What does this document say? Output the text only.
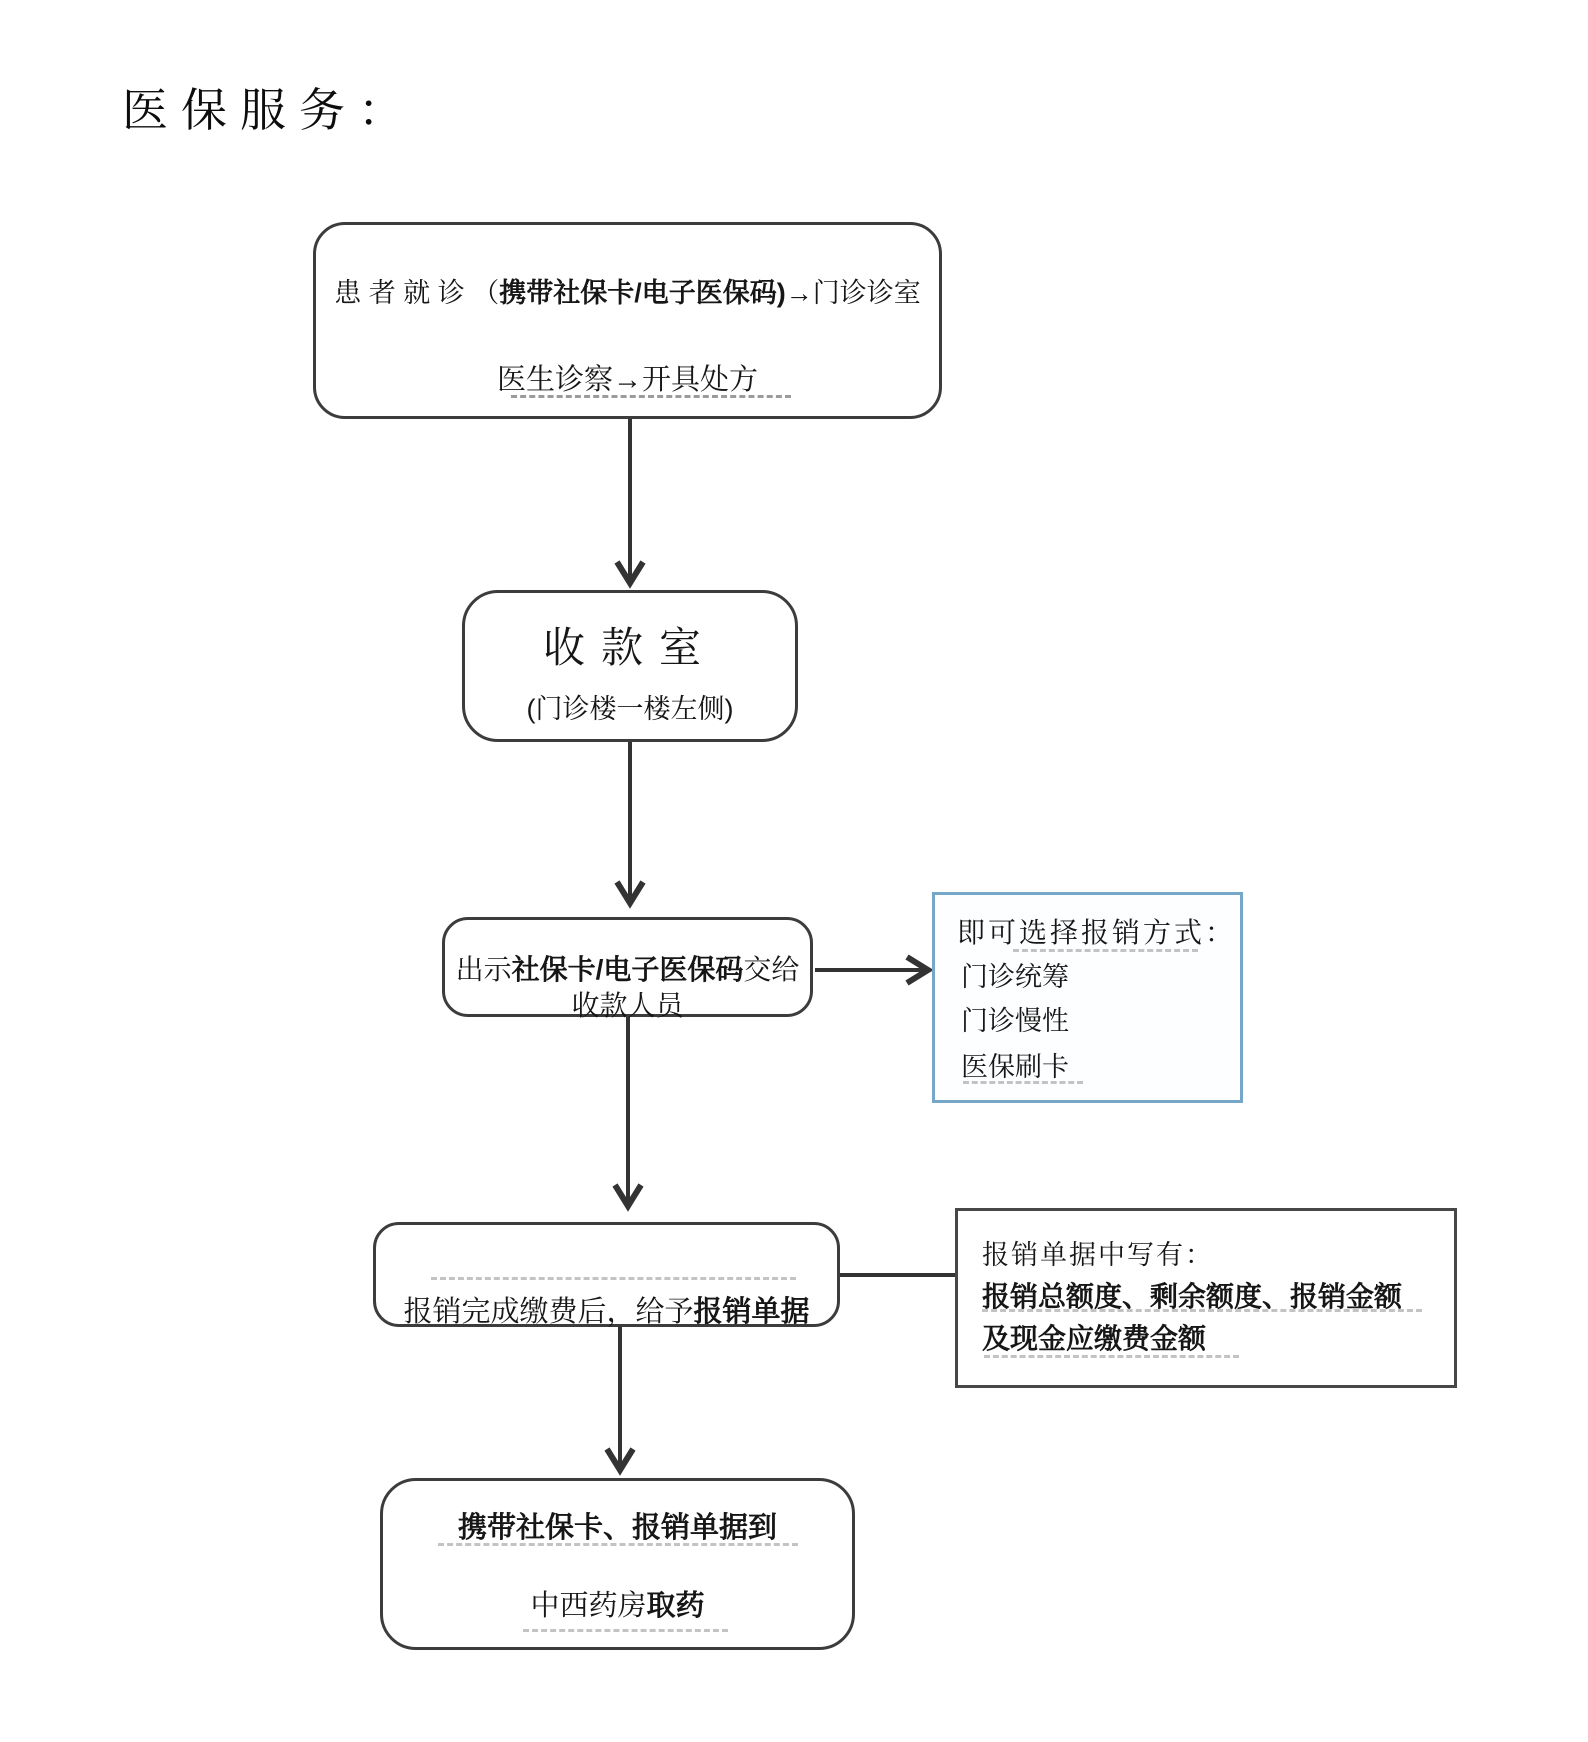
医保服务：
患 者 就 诊 （携带社保卡/电子医保码)→门诊诊室
医生诊察→开具处方
收款室
(门诊楼一楼左侧)
出示社保卡/电子医保码交给
收款人员
即可选择报销方式：
门诊统筹
门诊慢性
医保刷卡
报销完成缴费后，给予报销单据
报销单据中写有：
报销总额度、剩余额度、报销金额
及现金应缴费金额
携带社保卡、报销单据到
中西药房取药
